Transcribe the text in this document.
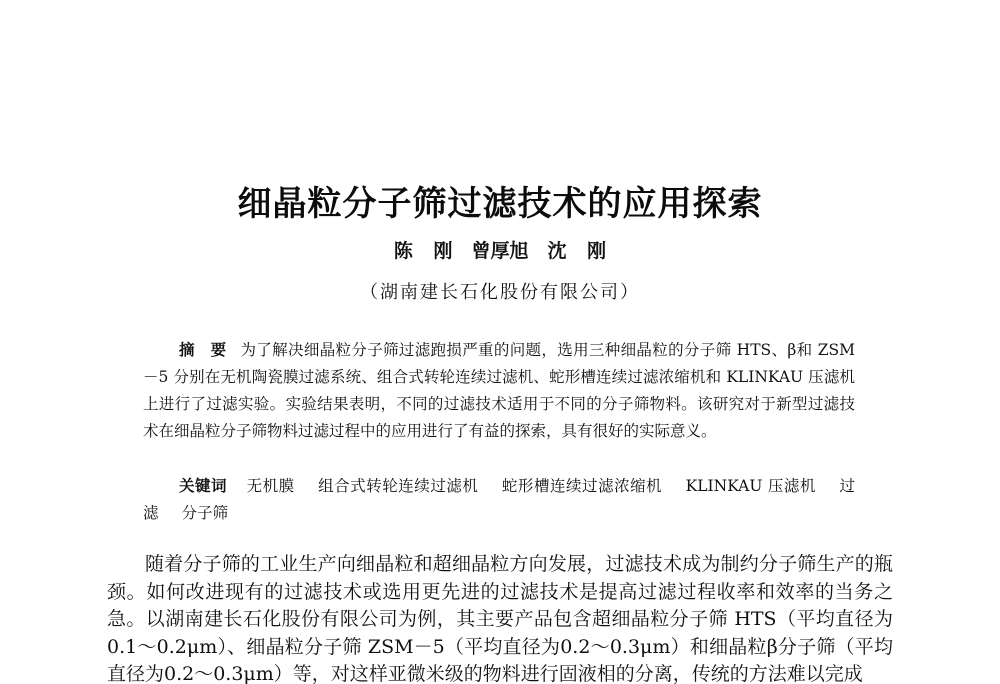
细晶粒分子筛过滤技术的应用探索
陈 刚　曾厚旭　沈 刚
（湖南建长石化股份有限公司）
摘　要 为了解决细晶粒分子筛过滤跑损严重的问题，选用三种细晶粒的分子筛 HTS、β和 ZSM－5 分别在无机陶瓷膜过滤系统、组合式转轮连续过滤机、蛇形槽连续过滤浓缩机和 KLINKAU 压滤机上进行了过滤实验。实验结果表明，不同的过滤技术适用于不同的分子筛物料。该研究对于新型过滤技术在细晶粒分子筛物料过滤过程中的应用进行了有益的探索，具有很好的实际意义。
关键词 无机膜 组合式转轮连续过滤机 蛇形槽连续过滤浓缩机 KLINKAU 压滤机 过滤 分子筛
随着分子筛的工业生产向细晶粒和超细晶粒方向发展，过滤技术成为制约分子筛生产的瓶颈。如何改进现有的过滤技术或选用更先进的过滤技术是提高过滤过程收率和效率的当务之急。以湖南建长石化股份有限公司为例，其主要产品包含超细晶粒分子筛 HTS（平均直径为0.1～0.2μm）、细晶粒分子筛 ZSM－5（平均直径为0.2～0.3μm）和细晶粒β分子筛（平均直径为0.2～0.3μm）等，对这样亚微米级的物料进行固液相的分离，传统的方法难以完成
